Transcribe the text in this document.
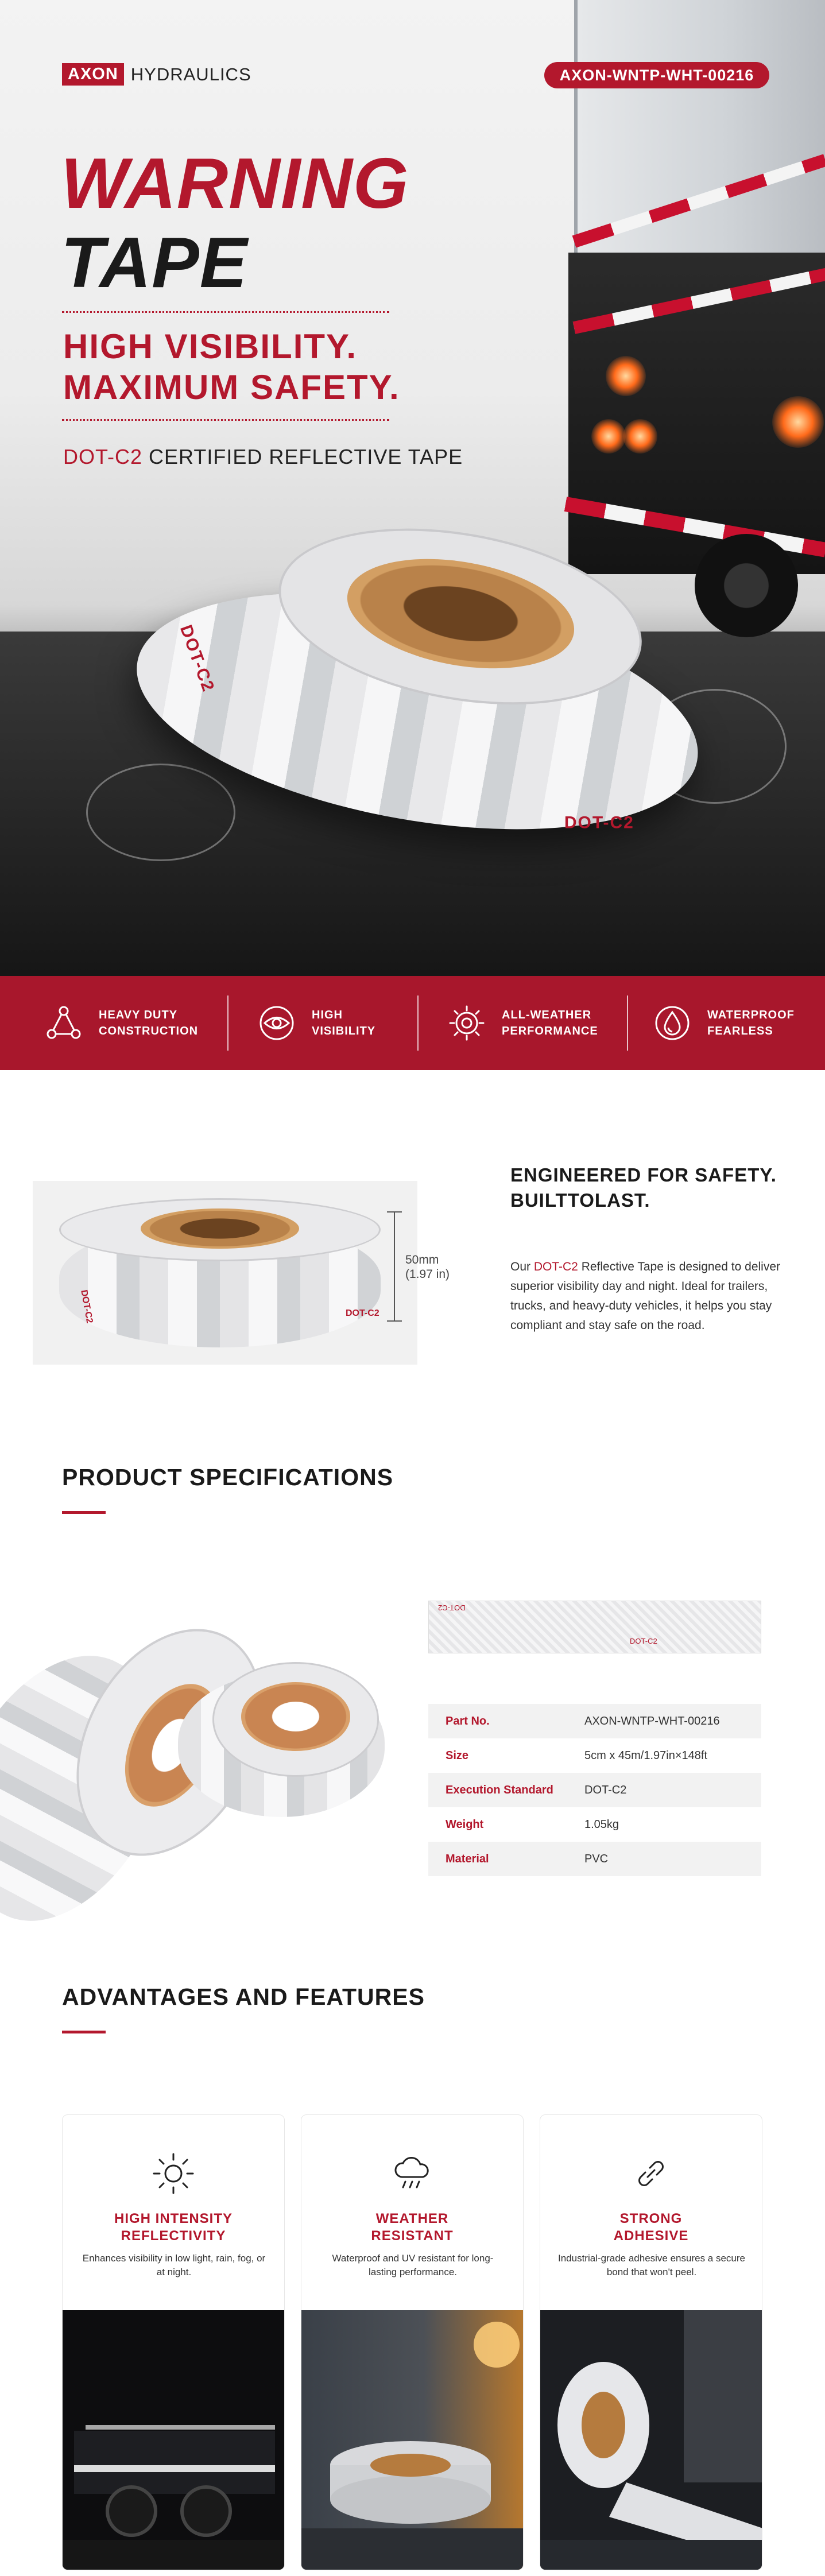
AXON HYDRAULICS	AXON-WNTP-WHT-00216
WARNING
TAPE
HIGH VISIBILITY.
MAXIMUM SAFETY.
DOT-C2 CERTIFIED REFLECTIVE TAPE
DOT-C2
DOT-C2
HEAVY DUTY
CONSTRUCTION
HIGH
VISIBILITY
ALL-WEATHER
PERFORMANCE
WATERPROOF
FEARLESS
DOT-C2	DOT-C2
50mm
(1.97 in)
ENGINEERED FOR SAFETY.
BUILTTOLAST.

Our DOT-C2 Reflective Tape is designed to deliver superior visibility day and night. Ideal for trailers, trucks, and heavy-duty vehicles, it helps you stay compliant and stay safe on the road.

PRODUCT SPECIFICATIONS
DOT-C2
DOT-C2
Part No.	AXON-WNTP-WHT-00216
Size	5cm x 45m/1.97in×148ft
Execution Standard	DOT-C2
Weight	1.05kg
Material	PVC
ADVANTAGES AND FEATURES
HIGH INTENSITY
REFLECTIVITY
Enhances visibility in low light, rain, fog, or at night.
WEATHER
RESISTANT
Waterproof and UV resistant for long-lasting performance.
STRONG
ADHESIVE
Industrial-grade adhesive ensures a secure bond that won't peel.
